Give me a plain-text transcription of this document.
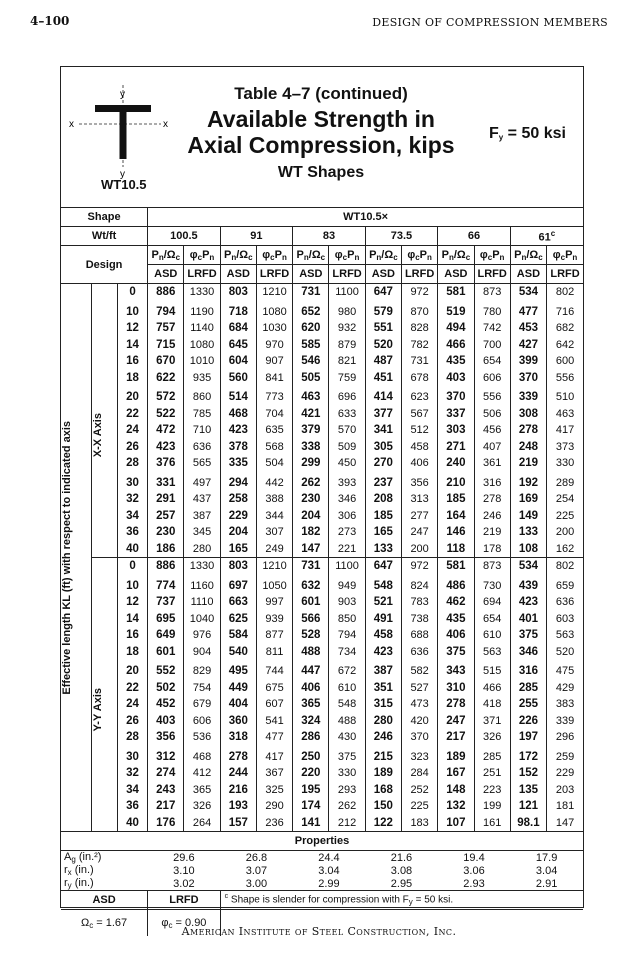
4–100	DESIGN OF COMPRESSION MEMBERS
y
x	x
y
WT10.5
Table 4–7 (continued)
Available Strength in
Axial Compression, kips
WT Shapes
$F_y = 50$ ksi
Shape			WT10.5×											
Wt/ft			100.5		91		83		73.5		66		61$^c$
Design			$P_n/\Omega_c$	$\varphi_cP_n$	$P_n/\Omega_c$	$\varphi_cP_n$	$P_n/\Omega_c$	$\varphi_cP_n$	$P_n/\Omega_c$	$\varphi_cP_n$	$P_n/\Omega_c$	$\varphi_cP_n$	$P_n/\Omega_c$	$\varphi_cP_n$
			ASD	LRFD	ASD	LRFD	ASD	LRFD	ASD	LRFD	ASD	LRFD	ASD	LRFD

Effective length KL (ft) with respect to indicated axis	X-X Axis	0	886	1330	803	1210	731	1100	647	972	581	873	534	802
		10	794	1190	718	1080	652	980	579	870	519	780	477	716
		12	757	1140	684	1030	620	932	551	828	494	742	453	682
		14	715	1080	645	970	585	879	520	782	466	700	427	642
		16	670	1010	604	907	546	821	487	731	435	654	399	600
		18	622	935	560	841	505	759	451	678	403	606	370	556
		20	572	860	514	773	463	696	414	623	370	556	339	510
		22	522	785	468	704	421	633	377	567	337	506	308	463
		24	472	710	423	635	379	570	341	512	303	456	278	417
		26	423	636	378	568	338	509	305	458	271	407	248	373
		28	376	565	335	504	299	450	270	406	240	361	219	330
		30	331	497	294	442	262	393	237	356	210	316	192	289
		32	291	437	258	388	230	346	208	313	185	278	169	254
		34	257	387	229	344	204	306	185	277	164	246	149	225
		36	230	345	204	307	182	273	165	247	146	219	133	200
		40	186	280	165	249	147	221	133	200	118	178	108	162

	Y-Y Axis	0	886	1330	803	1210	731	1100	647	972	581	873	534	802
		10	774	1160	697	1050	632	949	548	824	486	730	439	659
		12	737	1110	663	997	601	903	521	783	462	694	423	636
		14	695	1040	625	939	566	850	491	738	435	654	401	603
		16	649	976	584	877	528	794	458	688	406	610	375	563
		18	601	904	540	811	488	734	423	636	375	563	346	520
		20	552	829	495	744	447	672	387	582	343	515	316	475
		22	502	754	449	675	406	610	351	527	310	466	285	429
		24	452	679	404	607	365	548	315	473	278	418	255	383
		26	403	606	360	541	324	488	280	420	247	371	226	339
		28	356	536	318	477	286	430	246	370	217	326	197	296
		30	312	468	278	417	250	375	215	323	189	285	172	259
		32	274	412	244	367	220	330	189	284	167	251	152	229
		34	243	365	216	325	195	293	168	252	148	223	135	203
		36	217	326	193	290	174	262	150	225	132	199	121	181
		40	176	264	157	236	141	212	122	183	107	161	98.1	147
Properties														
$A_g$ (in.²)			29.6		26.8		24.4		21.6		19.4		17.9	
$r_x$ (in.)			3.10		3.07		3.04		3.08		3.06		3.04	
$r_y$ (in.)			3.02		3.00		2.99		2.95		2.93		2.91	
ASD			LRFD		$^c$ Shape is slender for compression with $F_y = 50$ ksi.									
$\Omega_c = 1.67$			$\varphi_c = 0.90$											
American Institute of Steel Construction, Inc.
